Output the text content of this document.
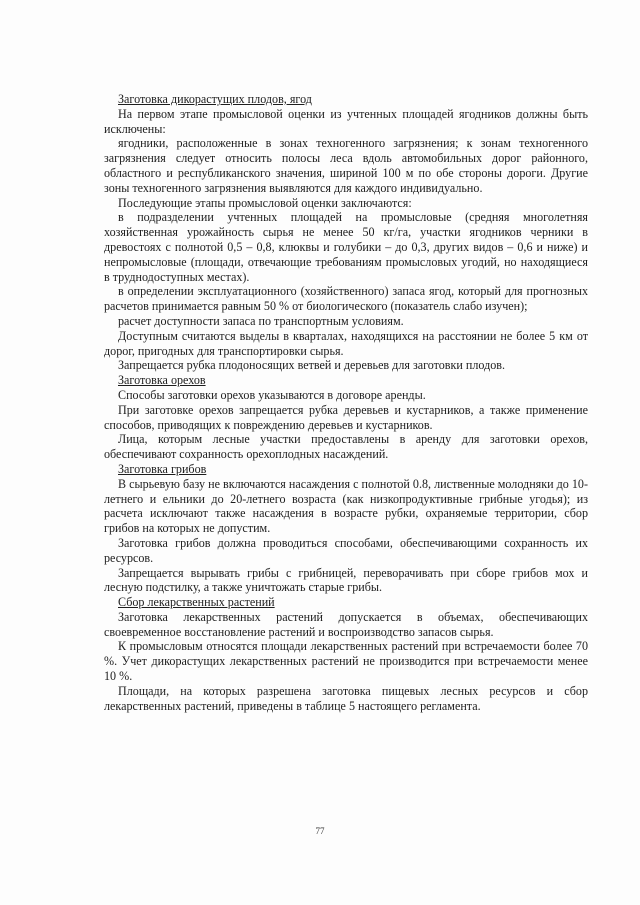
Заготовка дикорастущих плодов, ягод

На первом этапе промысловой оценки из учтенных площадей ягодников должны быть исключены:

ягодники, расположенные в зонах техногенного загрязнения; к зонам техногенного загрязнения следует относить полосы леса вдоль автомобильных дорог районного, областного и республиканского значения, шириной 100 м по обе стороны дороги. Другие зоны техногенного загрязнения выявляются для каждого индивидуально.

Последующие этапы промысловой оценки заключаются:

в подразделении учтенных площадей на промысловые (средняя многолетняя хозяйственная урожайность сырья не менее 50 кг/га, участки ягодников черники в древостоях с полнотой 0,5 – 0,8, клюквы и голубики – до 0,3, других видов – 0,6 и ниже) и непромысловые (площади, отвечающие требованиям промысловых угодий, но находящиеся в труднодоступных местах).

в определении эксплуатационного (хозяйственного) запаса ягод, который для прогнозных расчетов принимается равным 50 % от биологического (показатель слабо изучен);

расчет доступности запаса по транспортным условиям.

Доступным считаются выделы в кварталах, находящихся на расстоянии не более 5 км от дорог, пригодных для транспортировки сырья.

Запрещается рубка плодоносящих ветвей и деревьев для заготовки плодов.

Заготовка орехов

Способы заготовки орехов указываются в договоре аренды.

При заготовке орехов запрещается рубка деревьев и кустарников, а также применение способов, приводящих к повреждению деревьев и кустарников.

Лица, которым лесные участки предоставлены в аренду для заготовки орехов, обеспечивают сохранность орехоплодных насаждений.

Заготовка грибов

В сырьевую базу не включаются насаждения с полнотой 0.8, лиственные молодняки до 10-летнего и ельники до 20-летнего возраста (как низкопродуктивные грибные угодья); из расчета исключают также насаждения в возрасте рубки, охраняемые территории, сбор грибов на которых не допустим.

Заготовка грибов должна проводиться способами, обеспечивающими сохранность их ресурсов.

Запрещается вырывать грибы с грибницей, переворачивать при сборе грибов мох и лесную подстилку, а также уничтожать старые грибы.

Сбор лекарственных растений

Заготовка лекарственных растений допускается в объемах, обеспечивающих своевременное восстановление растений и воспроизводство запасов сырья.

К промысловым относятся площади лекарственных растений при встречаемости более 70 %. Учет дикорастущих лекарственных растений не производится при встречаемости менее 10 %.

Площади, на которых разрешена заготовка пищевых лесных ресурсов и сбор лекарственных растений, приведены в таблице 5 настоящего регламента.

77
